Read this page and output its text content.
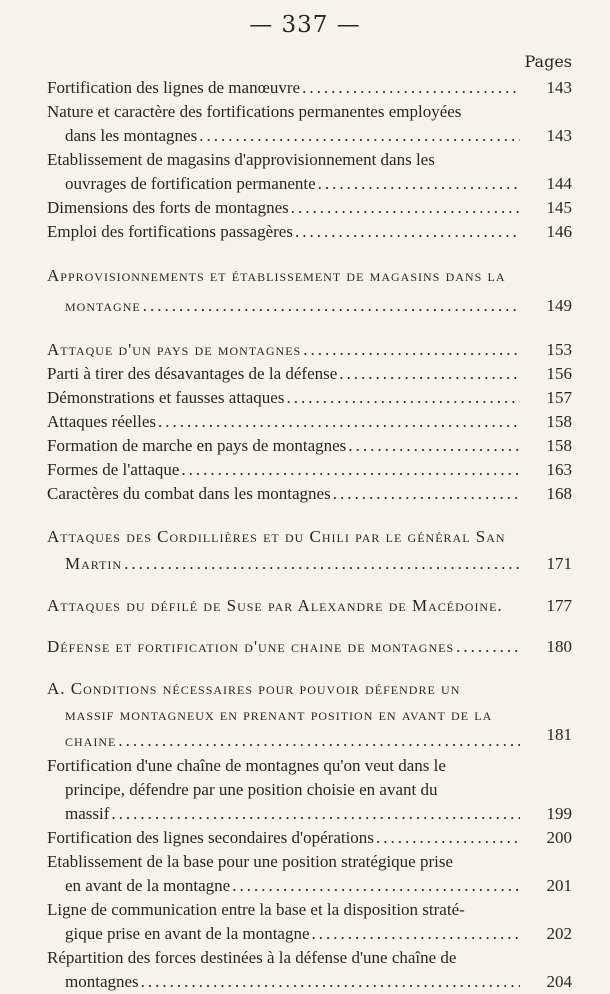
— 337 —
Pages
Fortification des lignes de manœuvre .....	143
Nature et caractère des fortifications permanentes employées
dans les montagnes .....	143
Etablissement de magasins d'approvisionnement dans les
ouvrages de fortification permanente .....	144
Dimensions des forts de montagnes .....	145
Emploi des fortifications passagères .....	146
Approvisionnements et établissement de magasins dans la
montagne .....	149
Attaque d'un pays de montagnes .....	153
Parti à tirer des désavantages de la défense .....	156
Démonstrations et fausses attaques .....	157
Attaques réelles .....	158
Formation de marche en pays de montagnes .....	158
Formes de l'attaque .....	163
Caractères du combat dans les montagnes .....	168
Attaques des Cordillières et du Chili par le général San
Martin .....	171
Attaques du défilé de Suse par Alexandre de Macédoine.	177
Défense et fortification d'une chaine de montagnes .....	180
A. Conditions nécessaires pour pouvoir défendre un
massif montagneux en prenant position en avant de la
chaine .....	181
Fortification d'une chaîne de montagnes qu'on veut dans le
principe, défendre par une position choisie en avant du
massif .....	199
Fortification des lignes secondaires d'opérations .....	200
Etablissement de la base pour une position stratégique prise
en avant de la montagne .....	201
Ligne de communication entre la base et la disposition straté-
gique prise en avant de la montagne .....	202
Répartition des forces destinées à la défense d'une chaîne de
montagnes .....	204
